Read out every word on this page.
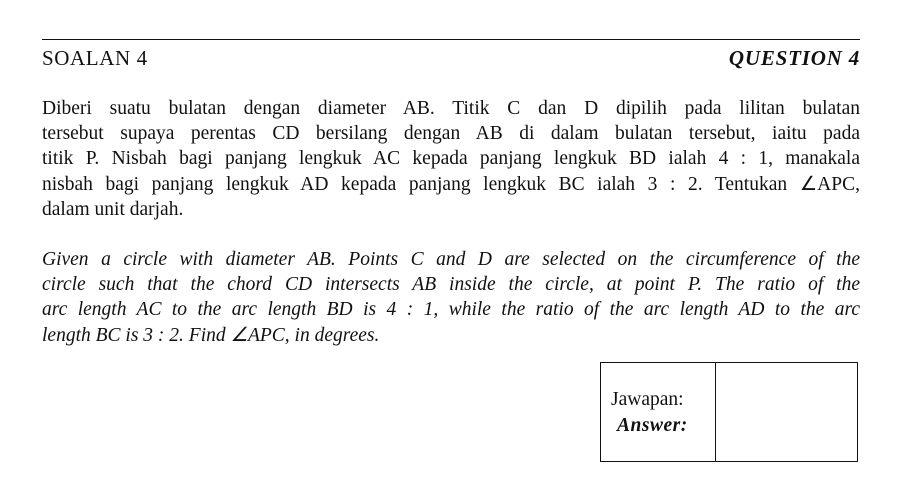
SOALAN 4	QUESTION 4
Diberi suatu bulatan dengan diameter AB. Titik C dan D dipilih pada lilitan bulatan
tersebut supaya perentas CD bersilang dengan AB di dalam bulatan tersebut, iaitu pada
titik P. Nisbah bagi panjang lengkuk AC kepada panjang lengkuk BD ialah 4 : 1, manakala
nisbah bagi panjang lengkuk AD kepada panjang lengkuk BC ialah 3 : 2. Tentukan ∠APC,
dalam unit darjah.
Given a circle with diameter AB. Points C and D are selected on the circumference of the
circle such that the chord CD intersects AB inside the circle, at point P. The ratio of the
arc length AC to the arc length BD is 4 : 1, while the ratio of the arc length AD to the arc
length BC is 3 : 2. Find ∠APC, in degrees.
Jawapan:
Answer:
